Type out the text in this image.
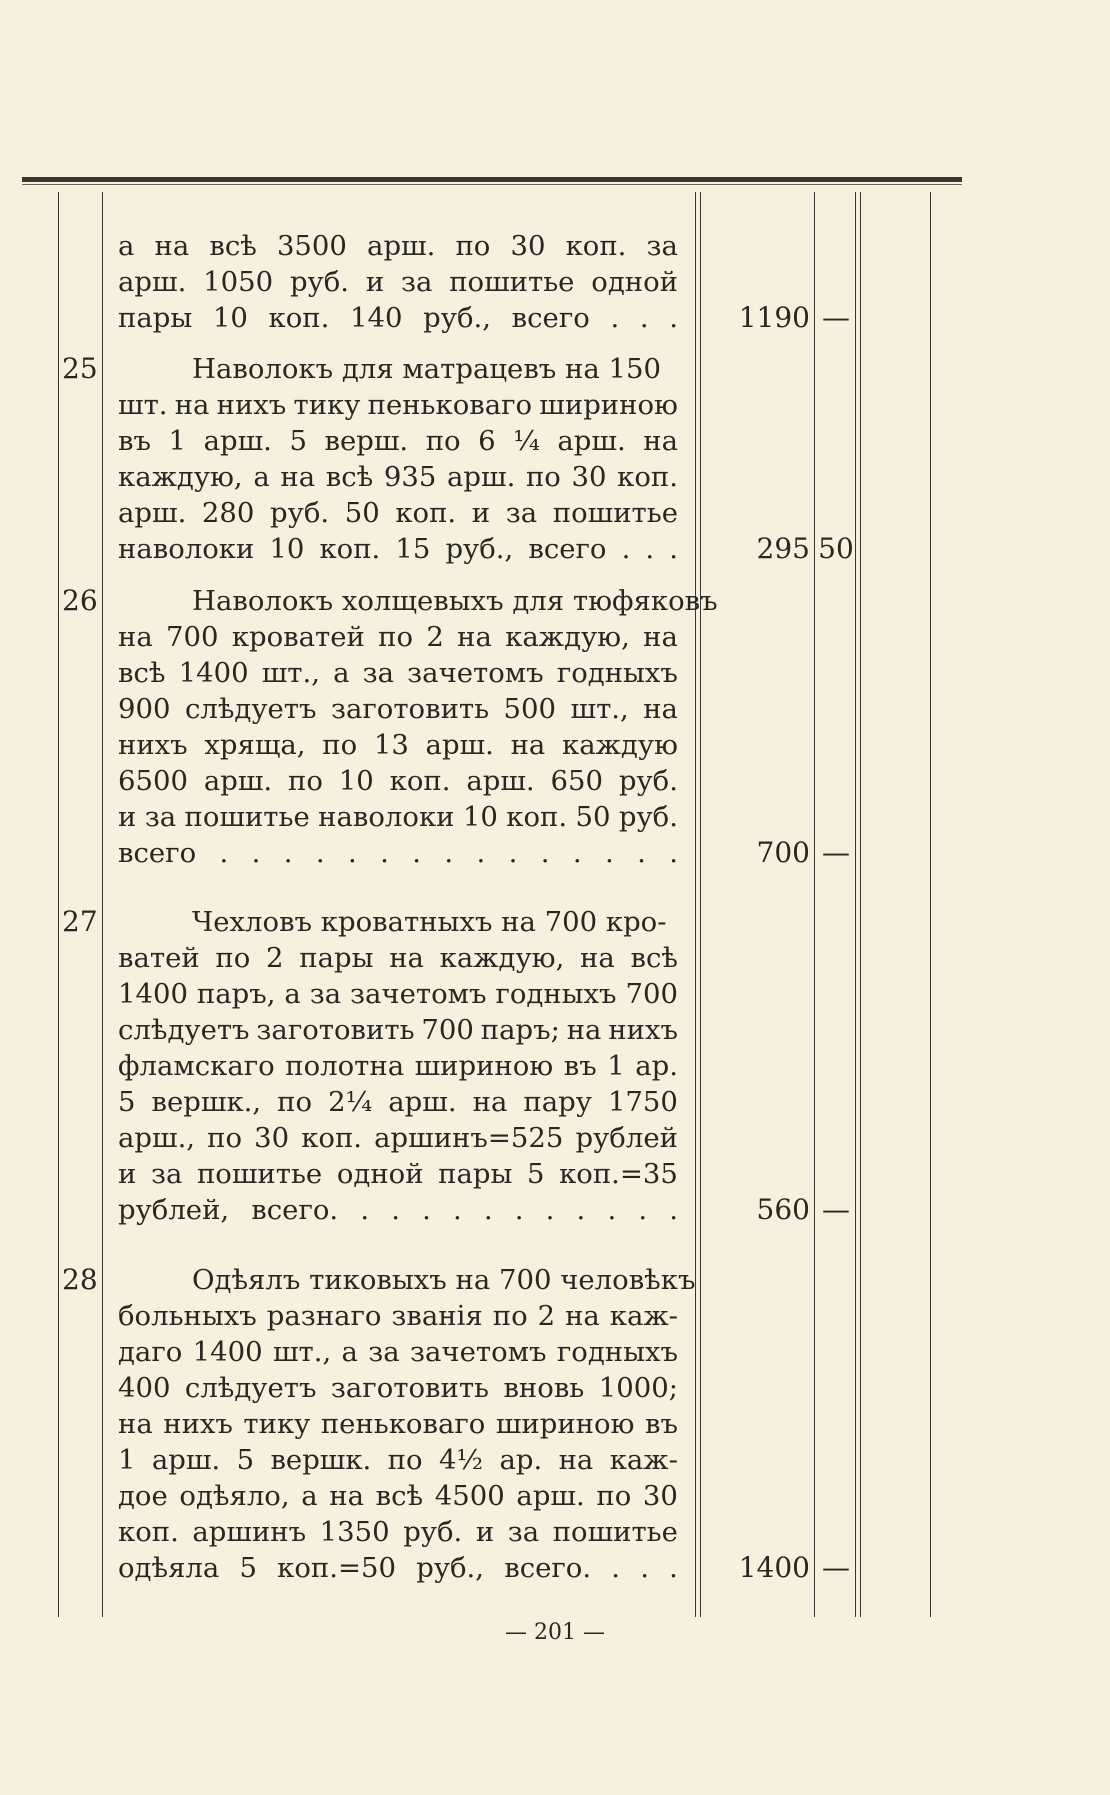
а на всѣ 3500 арш. по 30 коп. за
арш. 1050 руб. и за пошитье одной
пары 10 коп. 140 руб., всего . . .	1190 —
25	Наволокъ для матрацевъ на 150
шт. на нихъ тику пеньковаго шириною
въ 1 арш. 5 верш. по 6 ¼ арш. на
каждую, а на всѣ 935 арш. по 30 коп.
арш. 280 руб. 50 коп. и за пошитье
наволоки 10 коп. 15 руб., всего . . .	295 50
26	Наволокъ холщевыхъ для тюфяковъ
на 700 кроватей по 2 на каждую, на
всѣ 1400 шт., а за зачетомъ годныхъ
900 слѣдуетъ заготовить 500 шт., на
нихъ хряща, по 13 арш. на каждую
6500 арш. по 10 коп. арш. 650 руб.
и за пошитье наволоки 10 коп. 50 руб.
всего . . . . . . . . . . . . . . .	700 —
27	Чехловъ кроватныхъ на 700 кро-
ватей по 2 пары на каждую, на всѣ
1400 паръ, а за зачетомъ годныхъ 700
слѣдуетъ заготовить 700 паръ; на нихъ
фламскаго полотна шириною въ 1 ар.
5 вершк., по 2¼ арш. на пару 1750
арш., по 30 коп. аршинъ=525 рублей
и за пошитье одной пары 5 коп.=35
рублей, всего. . . . . . . . . . . .	560 —
28	Одѣялъ тиковыхъ на 700 человѣкъ
больныхъ разнаго званія по 2 на каж-
даго 1400 шт., а за зачетомъ годныхъ
400 слѣдуетъ заготовить вновь 1000;
на нихъ тику пеньковаго шириною въ
1 арш. 5 вершк. по 4½ ар. на каж-
дое одѣяло, а на всѣ 4500 арш. по 30
коп. аршинъ 1350 руб. и за пошитье
одѣяла 5 коп.=50 руб., всего. . . .	1400 —
— 201 —
